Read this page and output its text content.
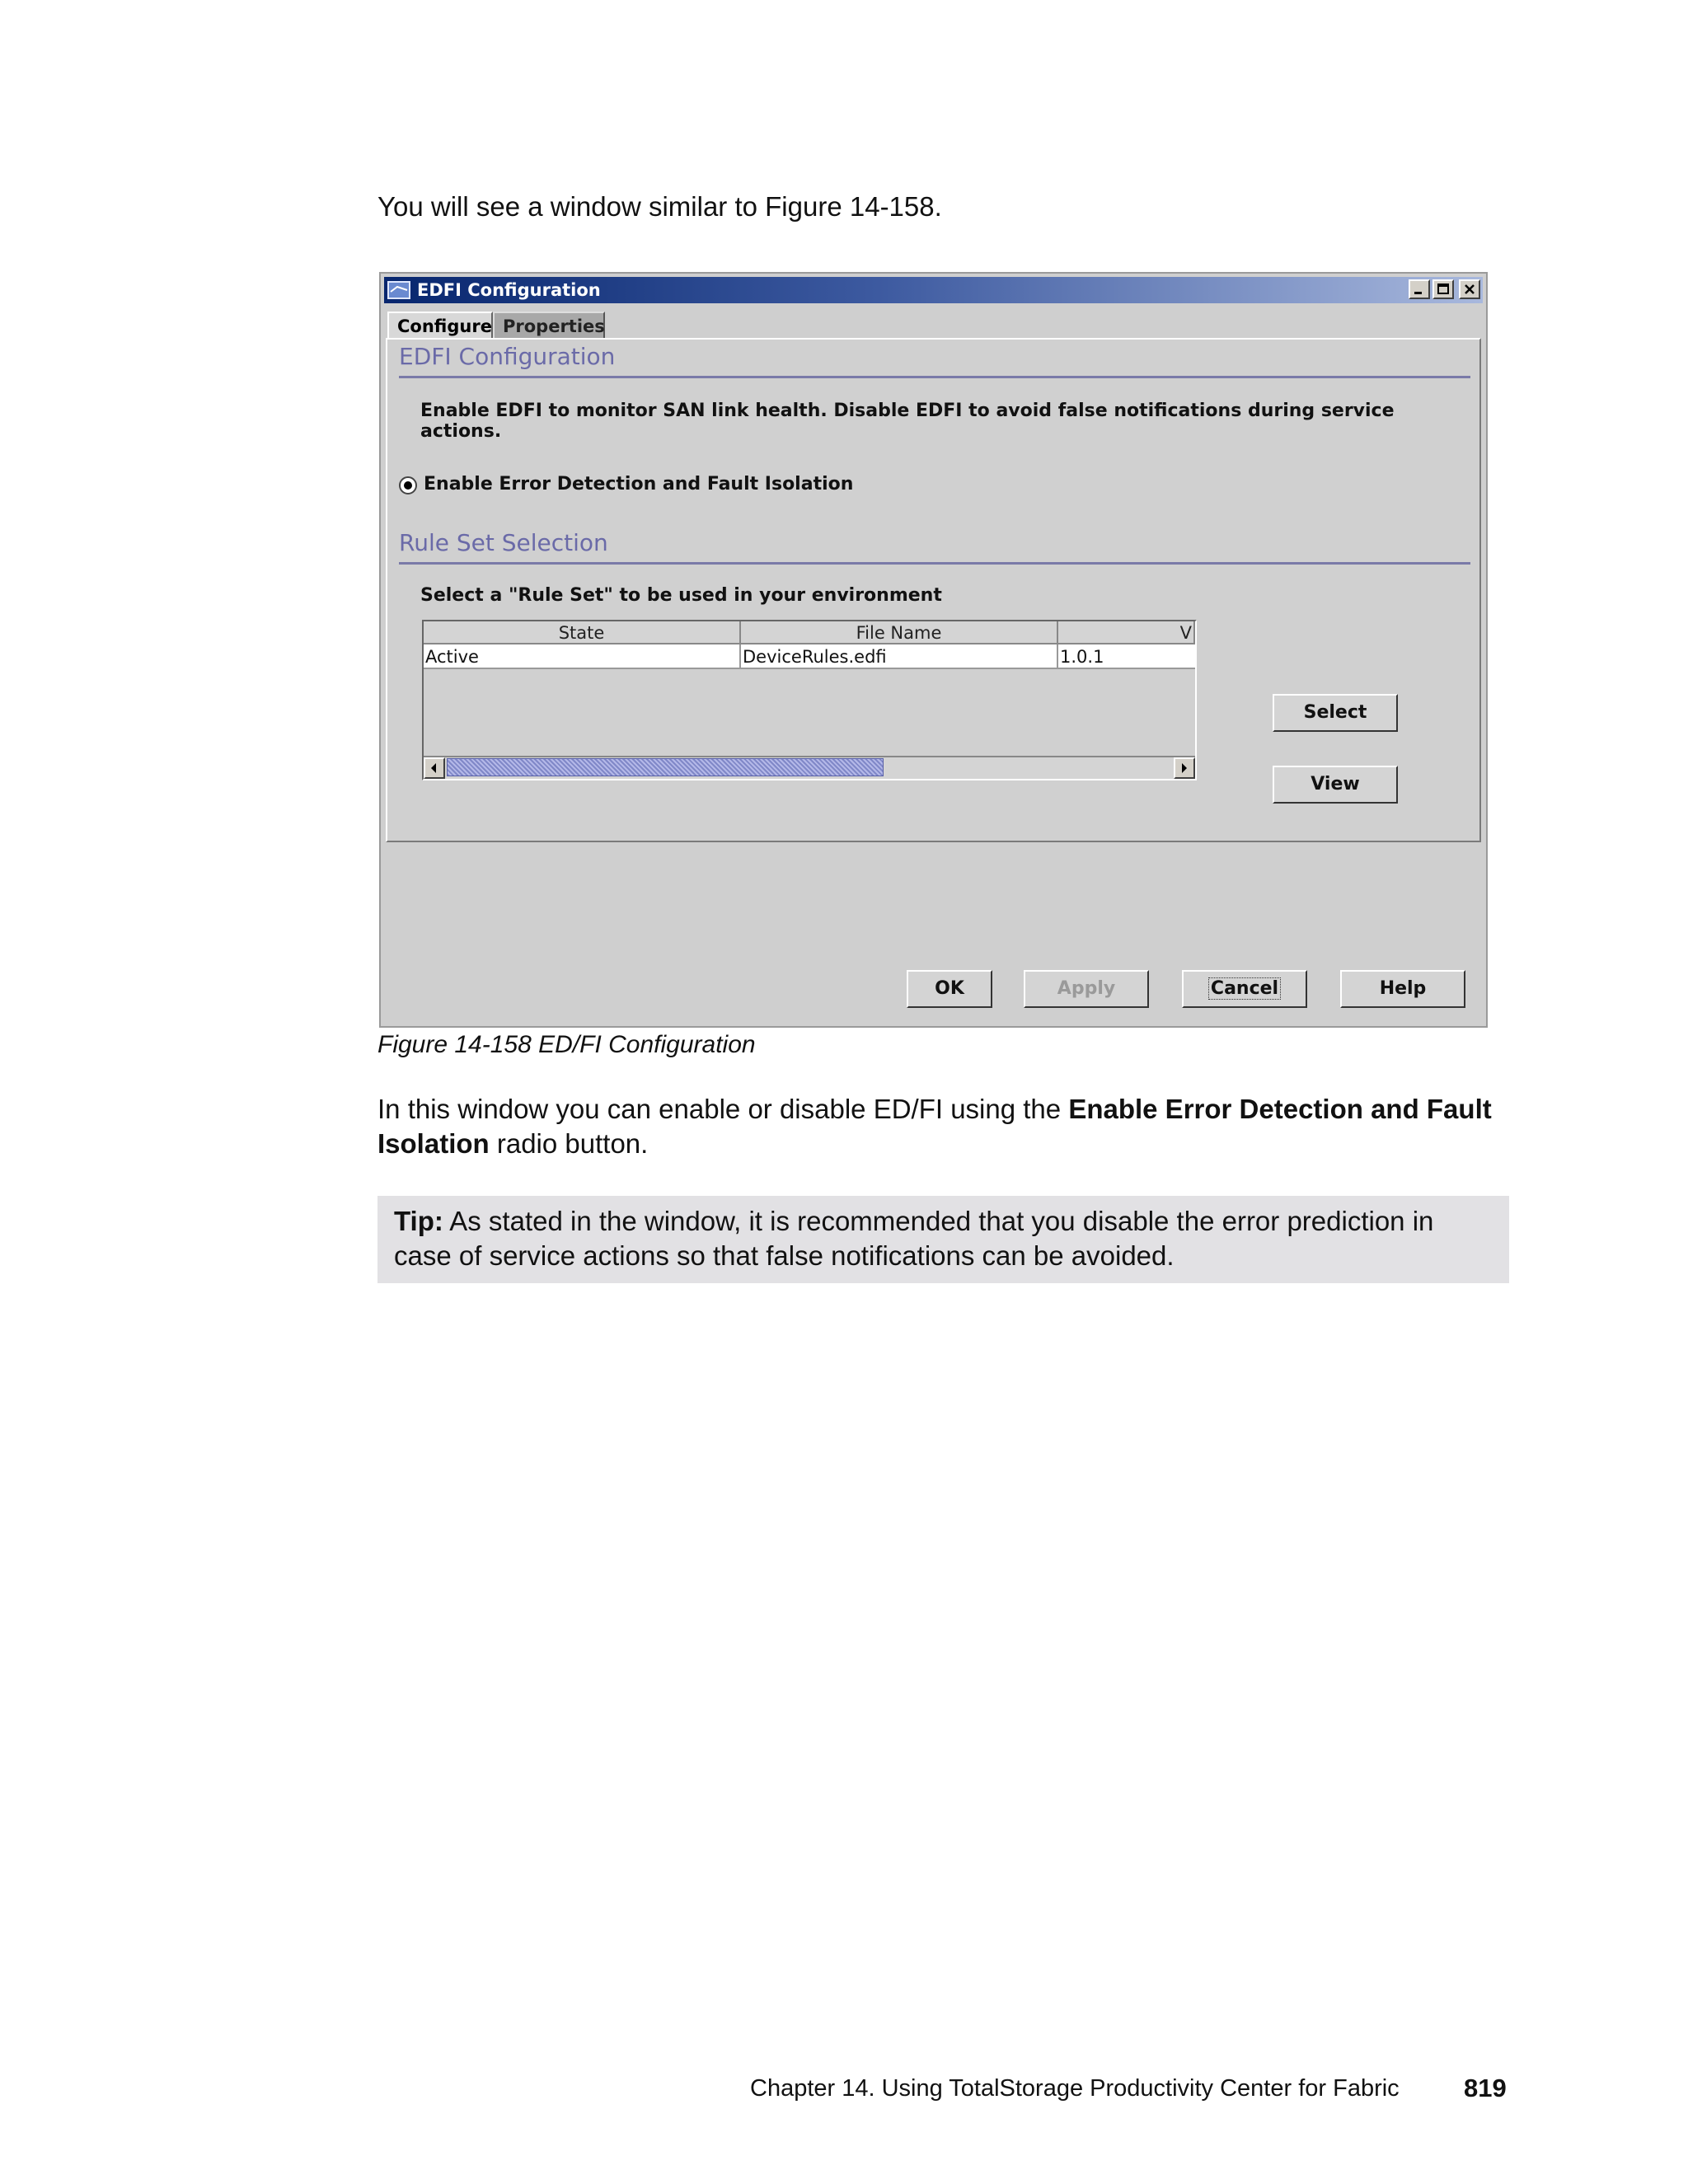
You will see a window similar to Figure 14-158.
EDFI Configuration
Configure Properties
EDFI Configuration
Enable EDFI to monitor SAN link health. Disable EDFI to avoid false notifications during service actions.
Enable Error Detection and Fault Isolation
Rule Set Selection
Select a "Rule Set" to be used in your environment
State	File Name	V
Active	DeviceRules.edfi	1.0.1
Select
View
OK	Apply	Cancel	Help
Figure 14-158 ED/FI Configuration
In this window you can enable or disable ED/FI using the Enable Error Detection and Fault Isolation radio button.
Tip: As stated in the window, it is recommended that you disable the error prediction in case of service actions so that false notifications can be avoided.
Chapter 14. Using TotalStorage Productivity Center for Fabric	819
